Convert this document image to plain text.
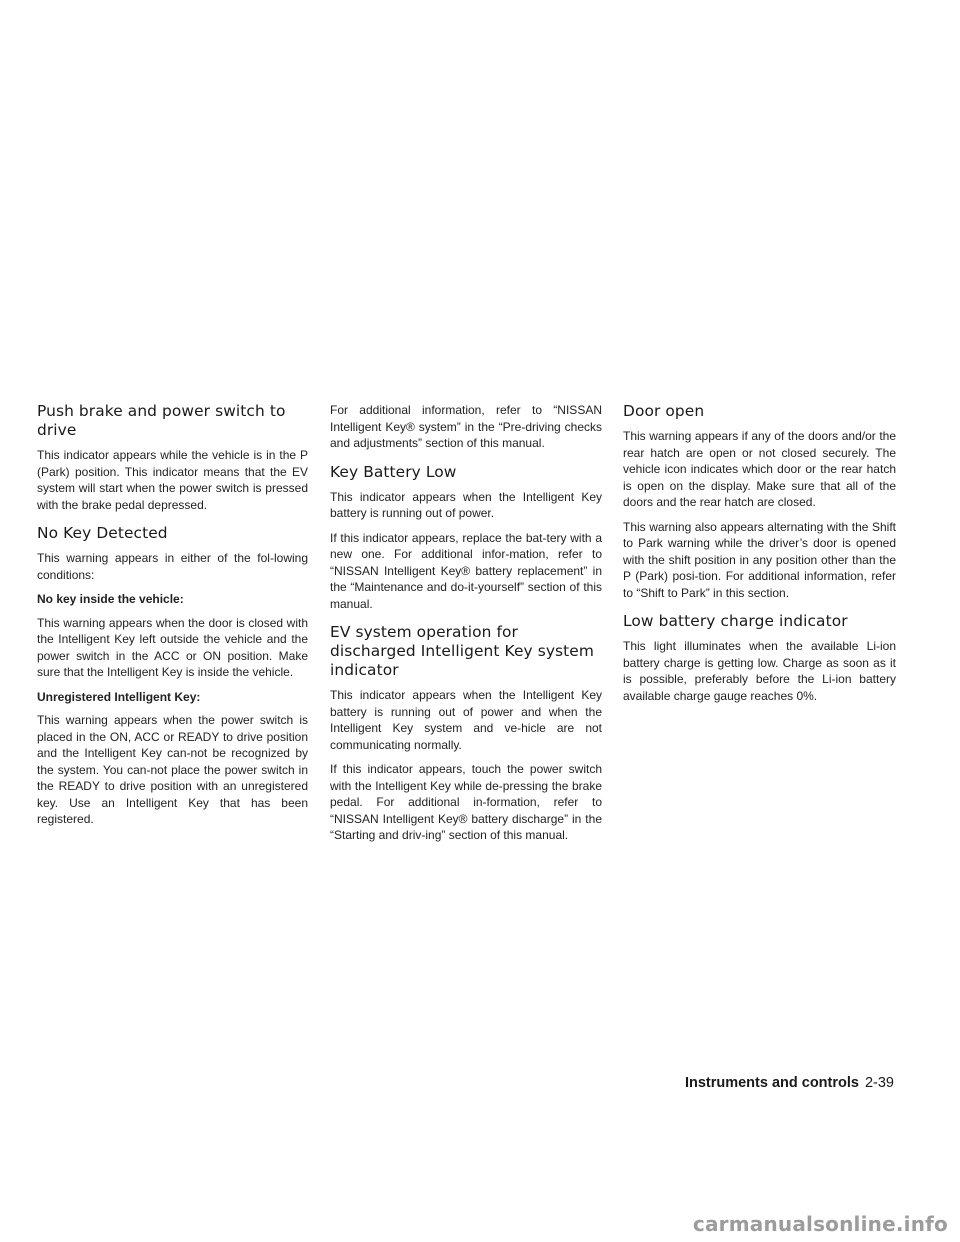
Push brake and power switch to drive

This indicator appears while the vehicle is in the P (Park) position. This indicator means that the EV system will start when the power switch is pressed with the brake pedal depressed.

No Key Detected

This warning appears in either of the fol-lowing conditions:

No key inside the vehicle:

This warning appears when the door is closed with the Intelligent Key left outside the vehicle and the power switch in the ACC or ON position. Make sure that the Intelligent Key is inside the vehicle.

Unregistered Intelligent Key:

This warning appears when the power switch is placed in the ON, ACC or READY to drive position and the Intelligent Key can-not be recognized by the system. You can-not place the power switch in the READY to drive position with an unregistered key. Use an Intelligent Key that has been registered.

For additional information, refer to “NISSAN Intelligent Key® system” in the “Pre-driving checks and adjustments” section of this manual.

Key Battery Low

This indicator appears when the Intelligent Key battery is running out of power.

If this indicator appears, replace the bat-tery with a new one. For additional infor-mation, refer to “NISSAN Intelligent Key® battery replacement” in the “Maintenance and do-it-yourself” section of this manual.

EV system operation for discharged Intelligent Key system indicator

This indicator appears when the Intelligent Key battery is running out of power and when the Intelligent Key system and ve-hicle are not communicating normally.

If this indicator appears, touch the power switch with the Intelligent Key while de-pressing the brake pedal. For additional in-formation, refer to “NISSAN Intelligent Key® battery discharge” in the “Starting and driv-ing” section of this manual.

Door open

This warning appears if any of the doors and/or the rear hatch are open or not closed securely. The vehicle icon indicates which door or the rear hatch is open on the display. Make sure that all of the doors and the rear hatch are closed.

This warning also appears alternating with the Shift to Park warning while the driver’s door is opened with the shift position in any position other than the P (Park) posi-tion. For additional information, refer to “Shift to Park” in this section.

Low battery charge indicator

This light illuminates when the available Li-ion battery charge is getting low. Charge as soon as it is possible, preferably before the Li-ion battery available charge gauge reaches 0%.

Instruments and controls 2-39
carmanualsonline.info
